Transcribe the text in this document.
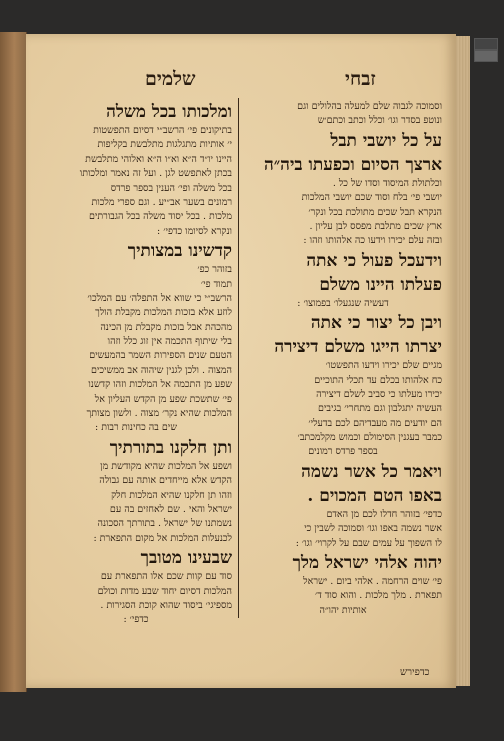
זבחי
שלמים
וסמוכה לגבוה שלם למעלה בהלולים וגם
ונוטפ בסדר וגו׳ וכלל וכתב וכתם׳ש
על כל יושבי תבל
ארצך הסיום וכפעתו ביה״ה
וכלתולת המיסוד וסדו של כל .
יושבי פי׳ בלח וסוד שכם יושבי המלכות
הנקרא תבל שכים מתולכת בכל ונקר׳
ארץ שכים מתלבת מפסס לבן עליון .
ובזה עלם יכירו וידעו כה אלהותו וזהו :
וידעכל פעול כי אתה
פעלתו היינו משלם
דעשיה שנגעלו׳ בפמוצו׳ :
ויבן כל יצור כי אתה
יצרתו הייגו משלם דיצירה
מגיים שלם יכירו וידעו התפשטו׳
כח אלהותו בכלם עד תכלי התוכיים
יכירו מעלתו כי סביב לשלם דיצירה
העשיה יתגלבון וגם מתחרי׳ בגיבים
הם יודעים מה מעבדיהם לכם בדעלי׳
כמבר בעגנין הסימולם וכמוש מקלמכתב׳
בספר פרדס רמונים
ויאמר כל אשר נשמה
באפו הטם המכוים .
כדפי׳ בזוהר חדלו לכם מן האדם
אשר נשמה באפו וגו׳ וסמוכה לשבין כי
לו השפוך על עמים שבם על לקרוי׳ וגו׳ :
יהוה אלהי ישראל מלך
פי׳ שוים הרחמה . אלהי ביום . ישראל
תפארת . מלך מלכות . והוא סוד ד׳
אותיות יהו״ה
ומלכותו בכל משלה
בתיקונים פי׳ הרשב״י דסיום התפשטות
י׳ אותיות מתגלגות מתלבשת בקליפות
היינו יו״ד ה״א וא״ו ה״א ואלוהי מתלבשת
בכתן לאתפשט לגן . ועל זה נאמר ומלכותו
בכל משלה ופי׳ הענין בספר פרדס
רמונים בשער אב״יע . וגם ספרי מלכות
מלכות . בכל יסוד משלה בכל הגבורתים
ונקרא לסיומו כדפי׳ :
קדשינו במצותיך
בזוהר כפ׳
תמוד פי׳
הרשב״י כי שווא אל התפלה׳ עם המלכו׳
לוזע אלא בזכות המלכות מקבלת הולך
מהכהת אבל בזכות מקבלת מן הכינה
בלי שיתוף התכמה אין זוג כלל וזהו
הטעם שנים הספירות השמר בהמעשים
המצוה . ולכן לגנין שיהוה אב ממשיכים
שפע מן התכמה אל המלכות וזהו קדשנו
פי׳ שתשכת שפע מן הקדש העליון אל
המלכות שהיא נקר׳ מצוה . ולשון מצותך
שים בה כחינות רבות :
ותן חלקנו בתורתיך
ושפע אל המלכות שהיא מקודשת מן
הקדש אלא מייחדים אותה עם גבולה
וזהו תן חלקנו שהיא המלכות חלק
ישראל והאי . שם לאחזים בה עם
נשמתנו של ישראל . בתורתך הסכונה
לכנעלות המלכות אל מקום התפארת :
שבעינו מטובך
סוד עם קוות שכם אלו התפארת עם
המלכות דסיום יחוד שבע מדות וכולם
מספיגי׳ ביסוד שהוא קוכת הסגירות .
כדפי׳ :
כדפירש
